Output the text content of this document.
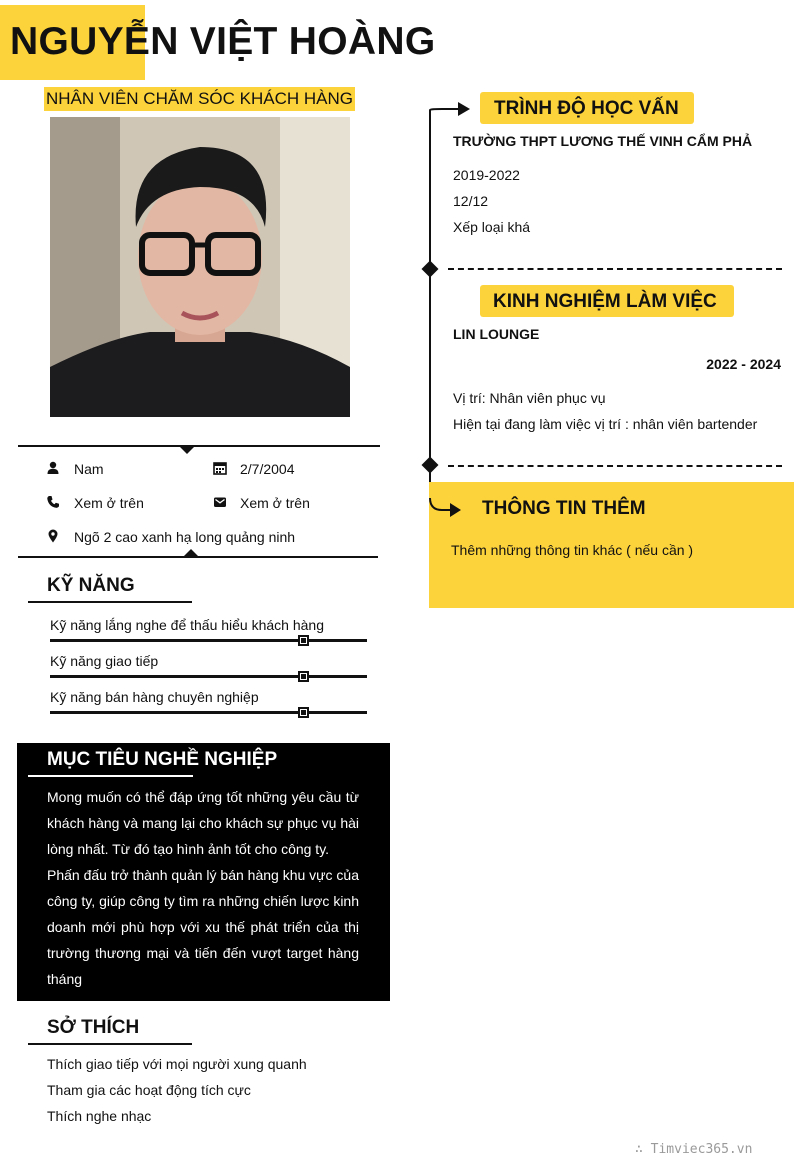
NGUYỄN VIỆT HOÀNG
NHÂN VIÊN CHĂM SÓC KHÁCH HÀNG
Nam	2/7/2004
Xem ở trên	Xem ở trên
Ngõ 2 cao xanh hạ long quảng ninh
KỸ NĂNG
Kỹ năng lắng nghe để thấu hiểu khách hàng
Kỹ năng giao tiếp
Kỹ năng bán hàng chuyên nghiệp
MỤC TIÊU NGHỀ NGHIỆP

Mong muốn có thể đáp ứng tốt những yêu cầu từ khách hàng và mang lại cho khách sự phục vụ hài lòng nhất. Từ đó tạo hình ảnh tốt cho công ty.

Phấn đấu trở thành quản lý bán hàng khu vực của công ty, giúp công ty tìm ra những chiến lược kinh doanh mới phù hợp với xu thế phát triển của thị trường thương mại và tiến đến vượt target hàng tháng

SỞ THÍCH
Thích giao tiếp với mọi người xung quanh
Tham gia các hoạt động tích cực
Thích nghe nhạc
TRÌNH ĐỘ HỌC VẤN
TRƯỜNG THPT LƯƠNG THẾ VINH CẨM PHẢ
2019-2022
12/12
Xếp loại khá
KINH NGHIỆM LÀM VIỆC
LIN LOUNGE
2022 - 2024
Vị trí: Nhân viên phục vụ
Hiện tại đang làm việc vị trí : nhân viên bartender
THÔNG TIN THÊM
Thêm những thông tin khác ( nếu cần )
∴ Timviec365.vn
